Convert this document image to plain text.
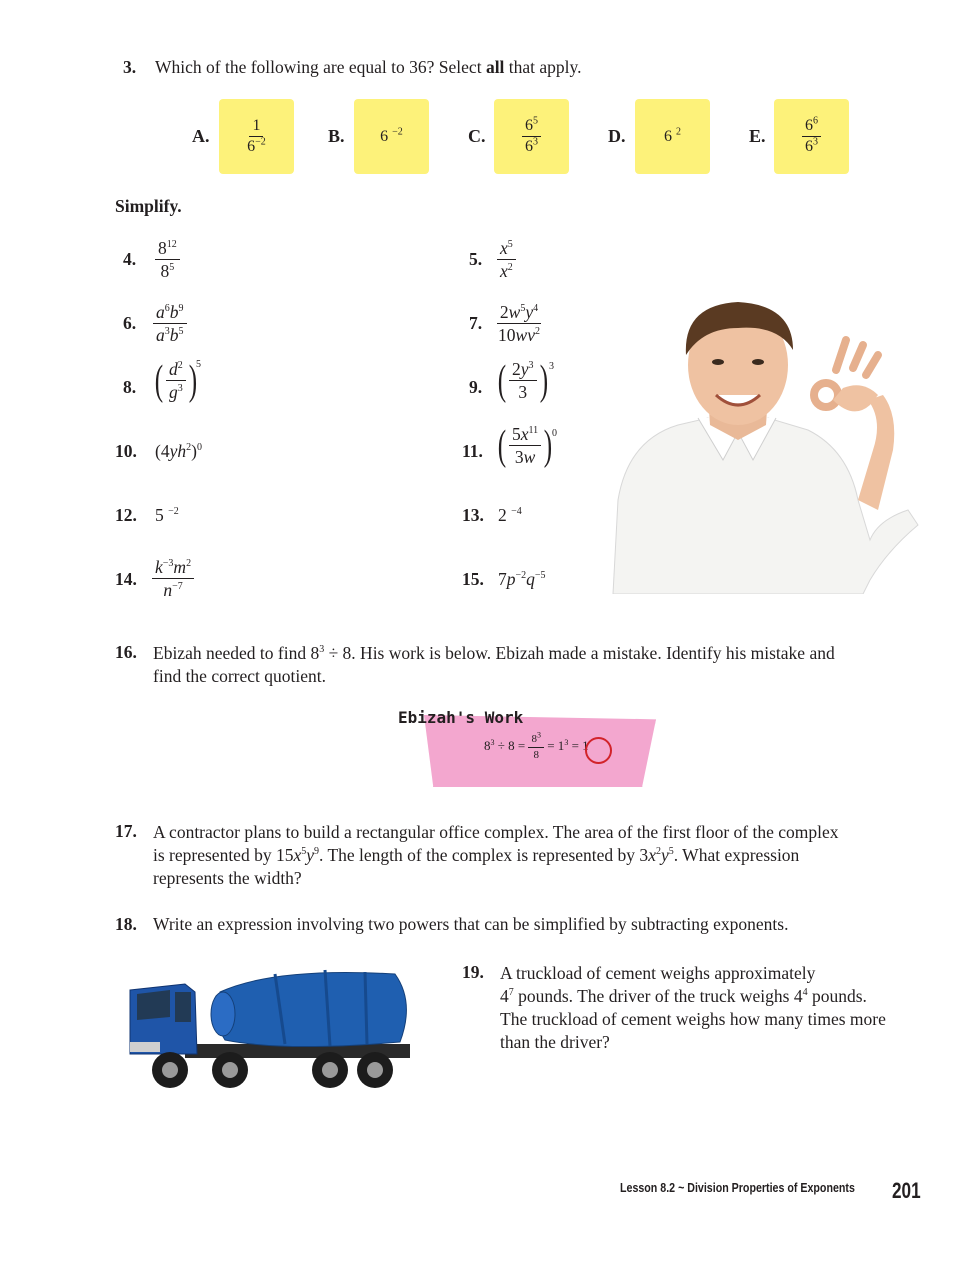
3. Which of the following are equal to 36? Select all that apply.
A. $\frac{1}{6^{-2}}$	B. 6 $^{-2}$	C. $\frac{6^5}{6^3}$	D. 6 $^2$	E. $\frac{6^6}{6^3}$
Simplify.
4. $\frac{8^{12}}{8^5}$	5. $\frac{x^5}{x^2}$
6. $\frac{a^6b^9}{a^3b^5}$	7. $\frac{2w^5y^4}{10wv^2}$
8. ( $\frac{d^2}{g^3}$ ) 5
9. ( $\frac{2y^3}{3}$ ) 3
10. $(4yh^2)^0$	11. ( $\frac{5x^{11}}{3w}$ ) 0
12. 5 $^{-2}$	13. 2 $^{-4}$
14. $\frac{k^{-3}m^2}{n^{-7}}$	15. $7p^{-2}q^{-5}$
16. Ebizah needed to find $8^3 \div 8$. His work is below. Ebizah made a mistake. Identify his mistake and
find the correct quotient.
Ebizah's Work
$8^3 \div 8 = \frac{8^3}{8} = 1^3 = 1$
17. A contractor plans to build a rectangular office complex. The area of the first floor of the complex
is represented by $15x^5y^9$. The length of the complex is represented by $3x^2y^5$. What expression
represents the width?
18. Write an expression involving two powers that can be simplified by subtracting exponents.
19. A truckload of cement weighs approximately
$4^7$ pounds. The driver of the truck weighs $4^4$ pounds.
The truckload of cement weighs how many times more
than the driver?
Lesson 8.2 ~ Division Properties of Exponents 201
